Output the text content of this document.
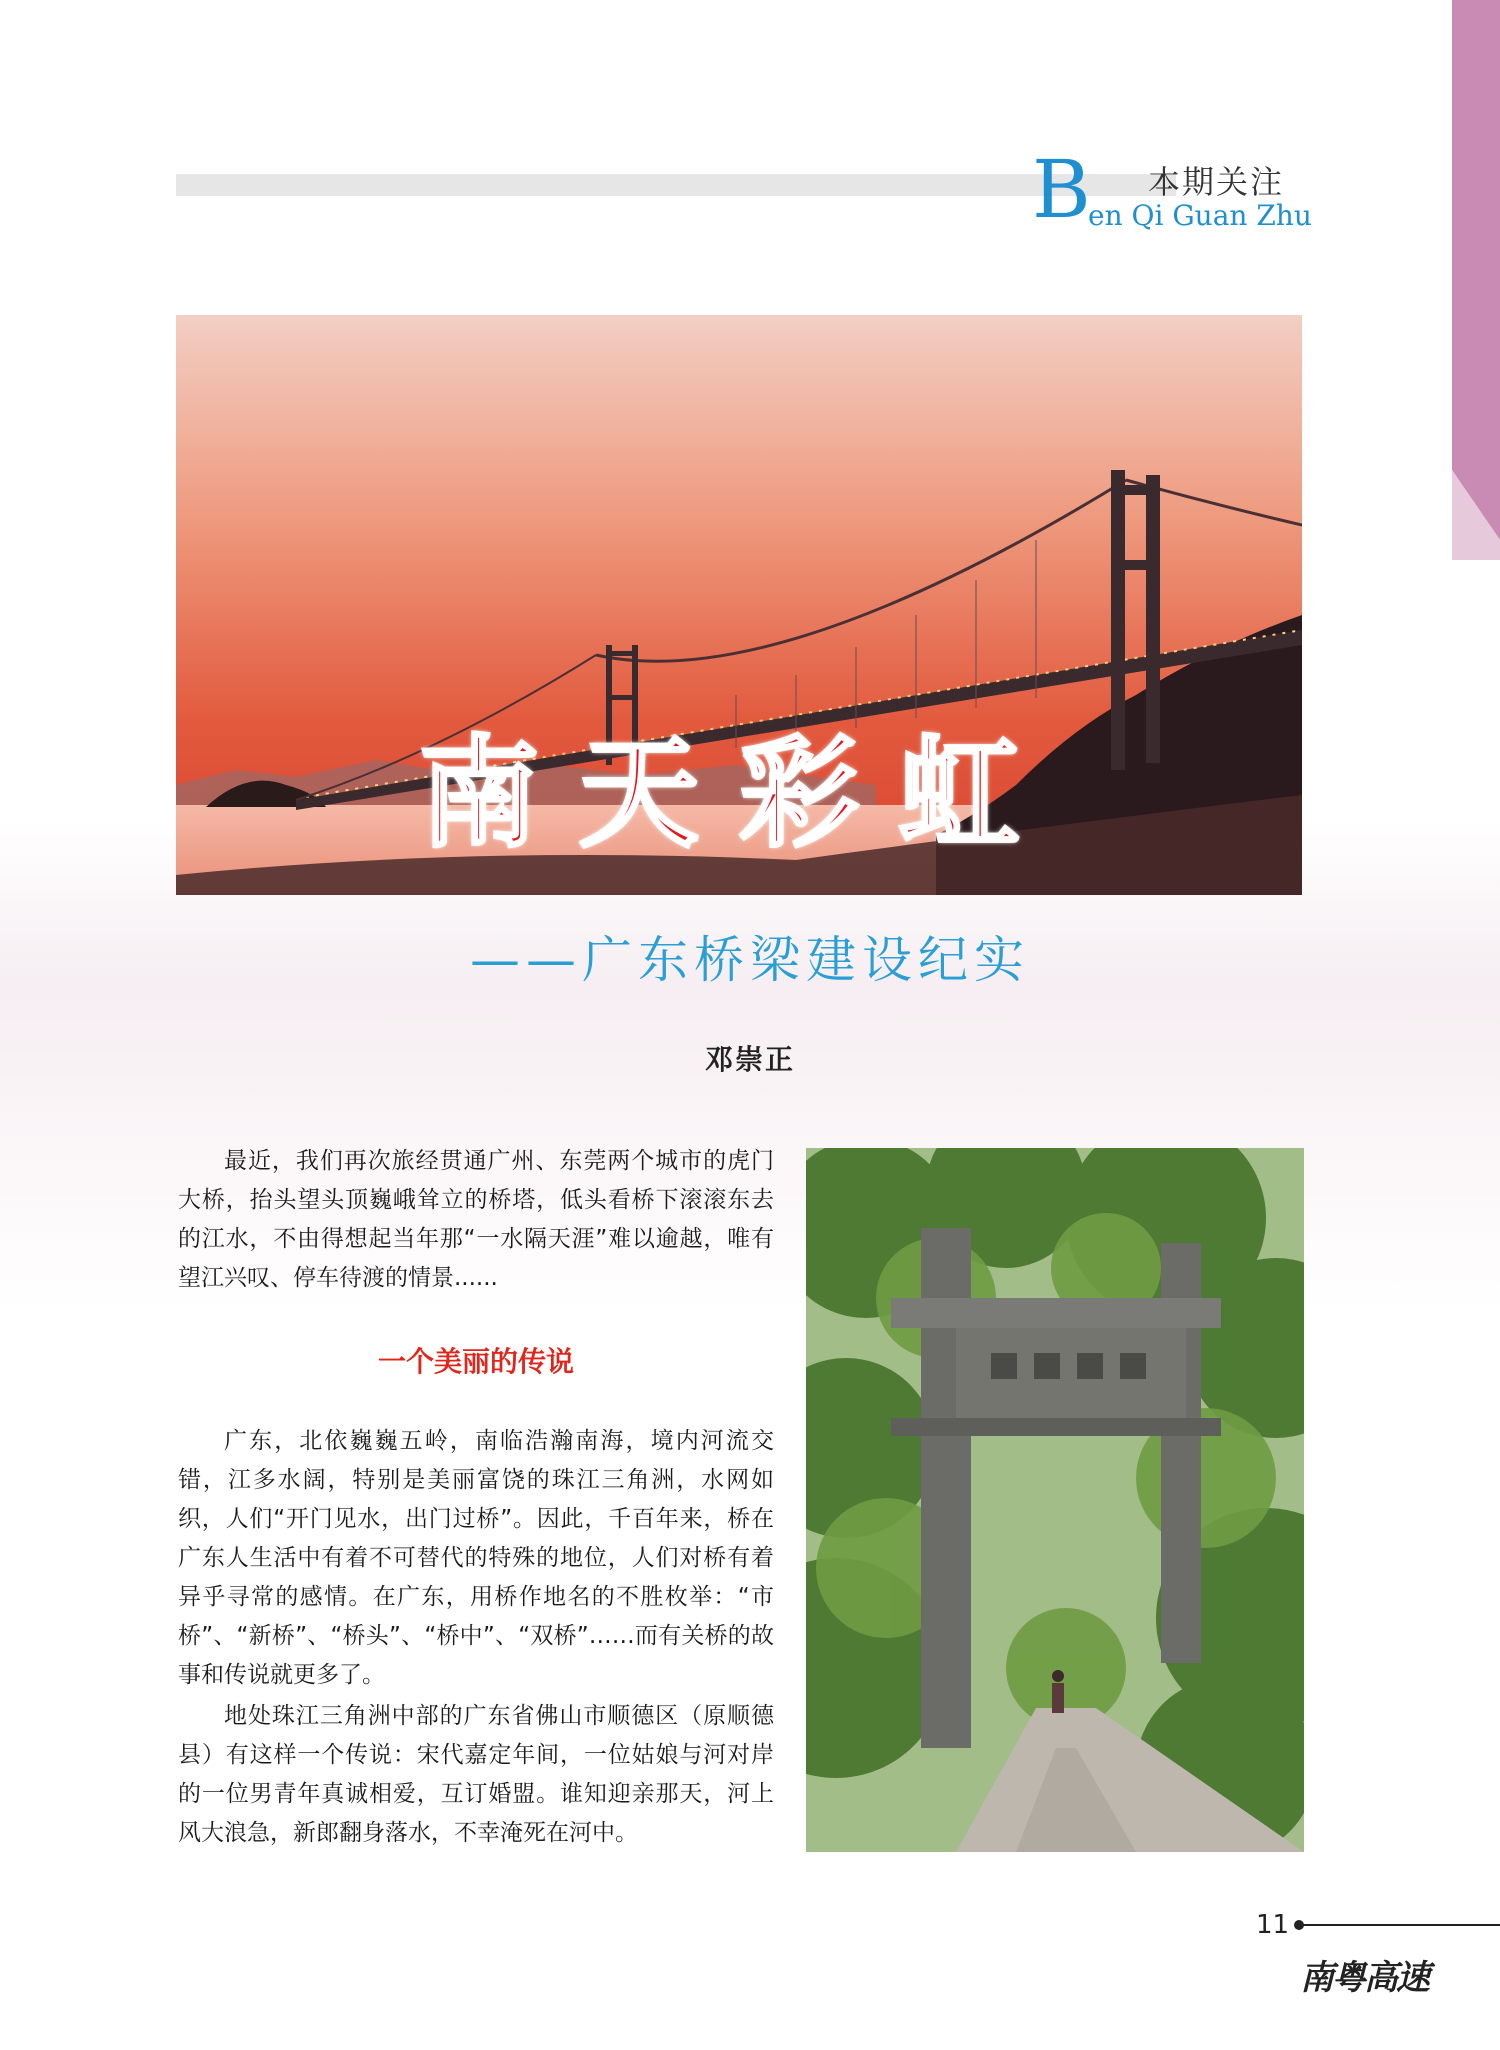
B 本期关注
en Qi Guan Zhu
南天彩虹
——广东桥梁建设纪实
邓崇正

最近，我们再次旅经贯通广州、东莞两个城市的虎门大桥，抬头望头顶巍峨耸立的桥塔，低头看桥下滚滚东去的江水，不由得想起当年那“一水隔天涯”难以逾越，唯有望江兴叹、停车待渡的情景......

一个美丽的传说

广东，北依巍巍五岭，南临浩瀚南海，境内河流交错，江多水阔，特别是美丽富饶的珠江三角洲，水网如织，人们“开门见水，出门过桥”。因此，千百年来，桥在广东人生活中有着不可替代的特殊的地位，人们对桥有着异乎寻常的感情。在广东，用桥作地名的不胜枚举：“市桥”、“新桥”、“桥头”、“桥中”、“双桥”……而有关桥的故事和传说就更多了。

地处珠江三角洲中部的广东省佛山市顺德区（原顺德县）有这样一个传说：宋代嘉定年间，一位姑娘与河对岸的一位男青年真诚相爱，互订婚盟。谁知迎亲那天，河上风大浪急，新郎翻身落水，不幸淹死在河中。

11
南粤高速
